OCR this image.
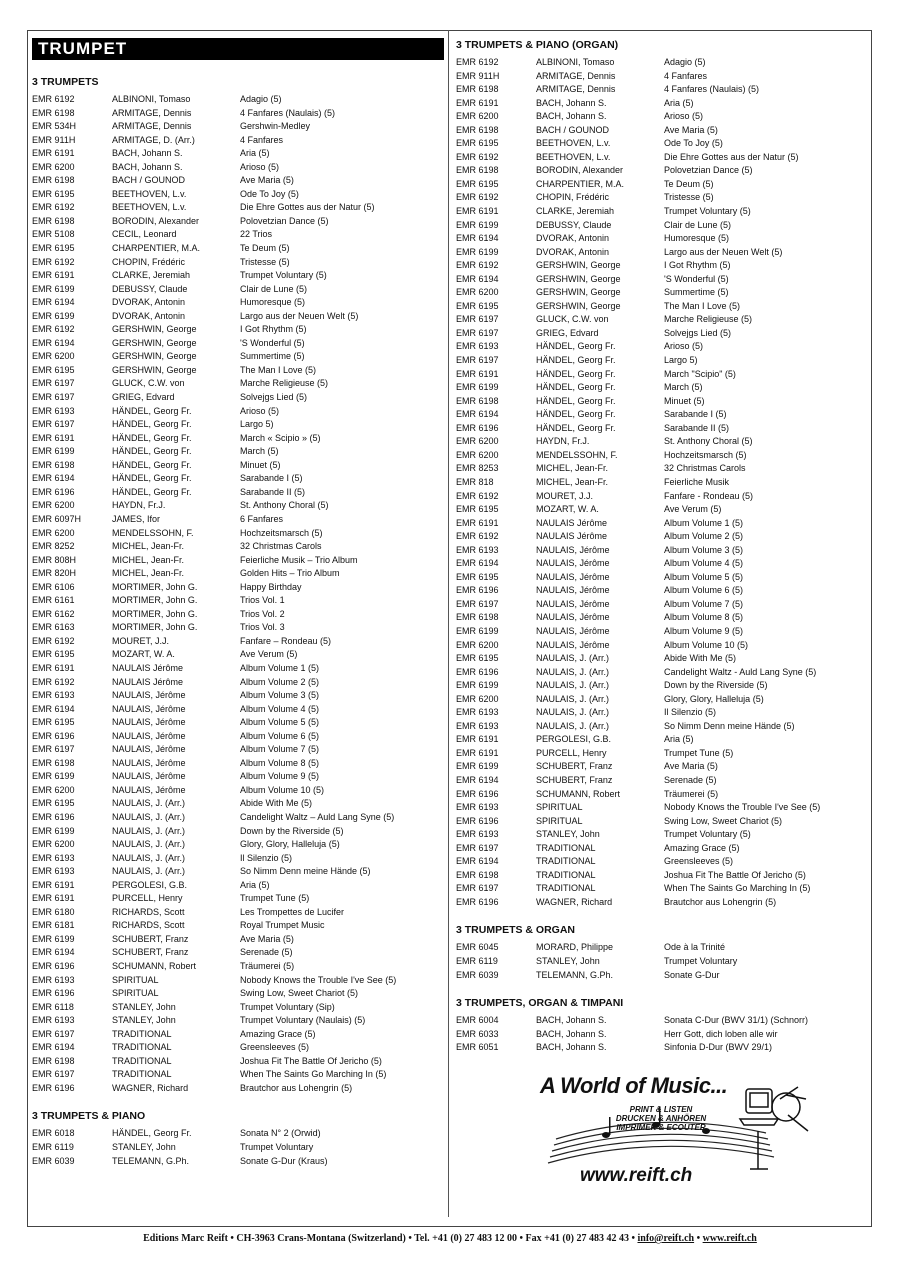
TRUMPET
3 TRUMPETS
EMR 6192	ALBINONI, Tomaso	Adagio (5)
EMR 6198	ARMITAGE, Dennis	4 Fanfares (Naulais) (5)
EMR 534H	ARMITAGE, Dennis	Gershwin-Medley
EMR 911H	ARMITAGE, D. (Arr.)	4 Fanfares
EMR 6191	BACH, Johann S.	Aria (5)
EMR 6200	BACH, Johann S.	Arioso (5)
EMR 6198	BACH / GOUNOD	Ave Maria (5)
EMR 6195	BEETHOVEN, L.v.	Ode To Joy (5)
EMR 6192	BEETHOVEN, L.v.	Die Ehre Gottes aus der Natur (5)
EMR 6198	BORODIN, Alexander	Polovetzian Dance (5)
EMR 5108	CECIL, Leonard	22 Trios
EMR 6195	CHARPENTIER, M.A.	Te Deum (5)
EMR 6192	CHOPIN, Frédéric	Tristesse (5)
EMR 6191	CLARKE, Jeremiah	Trumpet Voluntary (5)
EMR 6199	DEBUSSY, Claude	Clair de Lune (5)
EMR 6194	DVORAK, Antonin	Humoresque (5)
EMR 6199	DVORAK, Antonin	Largo aus der Neuen Welt (5)
EMR 6192	GERSHWIN, George	I Got Rhythm (5)
EMR 6194	GERSHWIN, George	'S Wonderful (5)
EMR 6200	GERSHWIN, George	Summertime (5)
EMR 6195	GERSHWIN, George	The Man I Love (5)
EMR 6197	GLUCK, C.W. von	Marche Religieuse (5)
EMR 6197	GRIEG, Edvard	Solvejgs Lied (5)
EMR 6193	HÄNDEL, Georg Fr.	Arioso (5)
EMR 6197	HÄNDEL, Georg Fr.	Largo 5)
EMR 6191	HÄNDEL, Georg Fr.	March « Scipio » (5)
EMR 6199	HÄNDEL, Georg Fr.	March (5)
EMR 6198	HÄNDEL, Georg Fr.	Minuet (5)
EMR 6194	HÄNDEL, Georg Fr.	Sarabande I (5)
EMR 6196	HÄNDEL, Georg Fr.	Sarabande II (5)
EMR 6200	HAYDN, Fr.J.	St. Anthony Choral (5)
EMR 6097H	JAMES, Ifor	6 Fanfares
EMR 6200	MENDELSSOHN, F.	Hochzeitsmarsch (5)
EMR 8252	MICHEL, Jean-Fr.	32 Christmas Carols
EMR 808H	MICHEL, Jean-Fr.	Feierliche Musik – Trio Album
EMR 820H	MICHEL, Jean-Fr.	Golden Hits – Trio Album
EMR 6106	MORTIMER, John G.	Happy Birthday
EMR 6161	MORTIMER, John G.	Trios Vol. 1
EMR 6162	MORTIMER, John G.	Trios Vol. 2
EMR 6163	MORTIMER, John G.	Trios Vol. 3
EMR 6192	MOURET, J.J.	Fanfare – Rondeau (5)
EMR 6195	MOZART, W. A.	Ave Verum (5)
EMR 6191	NAULAIS Jérôme	Album Volume 1 (5)
EMR 6192	NAULAIS Jérôme	Album Volume 2 (5)
EMR 6193	NAULAIS, Jérôme	Album Volume 3 (5)
EMR 6194	NAULAIS, Jérôme	Album Volume 4 (5)
EMR 6195	NAULAIS, Jérôme	Album Volume 5 (5)
EMR 6196	NAULAIS, Jérôme	Album Volume 6 (5)
EMR 6197	NAULAIS, Jérôme	Album Volume 7 (5)
EMR 6198	NAULAIS, Jérôme	Album Volume 8 (5)
EMR 6199	NAULAIS, Jérôme	Album Volume 9 (5)
EMR 6200	NAULAIS, Jérôme	Album Volume 10 (5)
EMR 6195	NAULAIS, J. (Arr.)	Abide With Me (5)
EMR 6196	NAULAIS, J. (Arr.)	Candelight Waltz – Auld Lang Syne (5)
EMR 6199	NAULAIS, J. (Arr.)	Down by the Riverside (5)
EMR 6200	NAULAIS, J. (Arr.)	Glory, Glory, Halleluja (5)
EMR 6193	NAULAIS, J. (Arr.)	Il Silenzio (5)
EMR 6193	NAULAIS, J. (Arr.)	So Nimm Denn meine Hände (5)
EMR 6191	PERGOLESI, G.B.	Aria (5)
EMR 6191	PURCELL, Henry	Trumpet Tune (5)
EMR 6180	RICHARDS, Scott	Les Trompettes de Lucifer
EMR 6181	RICHARDS, Scott	Royal Trumpet Music
EMR 6199	SCHUBERT, Franz	Ave Maria (5)
EMR 6194	SCHUBERT, Franz	Serenade (5)
EMR 6196	SCHUMANN, Robert	Träumerei (5)
EMR 6193	SPIRITUAL	Nobody Knows the Trouble I've See (5)
EMR 6196	SPIRITUAL	Swing Low, Sweet Chariot (5)
EMR 6118	STANLEY, John	Trumpet Voluntary (Sip)
EMR 6193	STANLEY, John	Trumpet Voluntary (Naulais) (5)
EMR 6197	TRADITIONAL	Amazing Grace (5)
EMR 6194	TRADITIONAL	Greensleeves (5)
EMR 6198	TRADITIONAL	Joshua Fit The Battle Of Jericho (5)
EMR 6197	TRADITIONAL	When The Saints Go Marching In (5)
EMR 6196	WAGNER, Richard	Brautchor aus Lohengrin (5)
3 TRUMPETS & PIANO
EMR 6018	HÄNDEL, Georg Fr.	Sonata N° 2 (Orwid)
EMR 6119	STANLEY, John	Trumpet Voluntary
EMR 6039	TELEMANN, G.Ph.	Sonate G-Dur (Kraus)
3 TRUMPETS & PIANO (ORGAN)
EMR 6192	ALBINONI, Tomaso	Adagio (5)
EMR 911H	ARMITAGE, Dennis	4 Fanfares
EMR 6198	ARMITAGE, Dennis	4 Fanfares (Naulais) (5)
EMR 6191	BACH, Johann S.	Aria (5)
EMR 6200	BACH, Johann S.	Arioso (5)
EMR 6198	BACH / GOUNOD	Ave Maria (5)
EMR 6195	BEETHOVEN, L.v.	Ode To Joy (5)
EMR 6192	BEETHOVEN, L.v.	Die Ehre Gottes aus der Natur (5)
EMR 6198	BORODIN, Alexander	Polovetzian Dance (5)
EMR 6195	CHARPENTIER, M.A.	Te Deum (5)
EMR 6192	CHOPIN, Frédéric	Tristesse (5)
EMR 6191	CLARKE, Jeremiah	Trumpet Voluntary (5)
EMR 6199	DEBUSSY, Claude	Clair de Lune (5)
EMR 6194	DVORAK, Antonin	Humoresque (5)
EMR 6199	DVORAK, Antonin	Largo aus der Neuen Welt (5)
EMR 6192	GERSHWIN, George	I Got Rhythm (5)
EMR 6194	GERSHWIN, George	'S Wonderful (5)
EMR 6200	GERSHWIN, George	Summertime (5)
EMR 6195	GERSHWIN, George	The Man I Love (5)
EMR 6197	GLUCK, C.W. von	Marche Religieuse (5)
EMR 6197	GRIEG, Edvard	Solvejgs Lied (5)
EMR 6193	HÄNDEL, Georg Fr.	Arioso (5)
EMR 6197	HÄNDEL, Georg Fr.	Largo 5)
EMR 6191	HÄNDEL, Georg Fr.	March "Scipio" (5)
EMR 6199	HÄNDEL, Georg Fr.	March (5)
EMR 6198	HÄNDEL, Georg Fr.	Minuet (5)
EMR 6194	HÄNDEL, Georg Fr.	Sarabande I (5)
EMR 6196	HÄNDEL, Georg Fr.	Sarabande II (5)
EMR 6200	HAYDN, Fr.J.	St. Anthony Choral (5)
EMR 6200	MENDELSSOHN, F.	Hochzeitsmarsch (5)
EMR 8253	MICHEL, Jean-Fr.	32 Christmas Carols
EMR 818	MICHEL, Jean-Fr.	Feierliche Musik
EMR 6192	MOURET, J.J.	Fanfare - Rondeau (5)
EMR 6195	MOZART, W. A.	Ave Verum (5)
EMR 6191	NAULAIS Jérôme	Album Volume 1 (5)
EMR 6192	NAULAIS Jérôme	Album Volume 2 (5)
EMR 6193	NAULAIS, Jérôme	Album Volume 3 (5)
EMR 6194	NAULAIS, Jérôme	Album Volume 4 (5)
EMR 6195	NAULAIS, Jérôme	Album Volume 5 (5)
EMR 6196	NAULAIS, Jérôme	Album Volume 6 (5)
EMR 6197	NAULAIS, Jérôme	Album Volume 7 (5)
EMR 6198	NAULAIS, Jérôme	Album Volume 8 (5)
EMR 6199	NAULAIS, Jérôme	Album Volume 9 (5)
EMR 6200	NAULAIS, Jérôme	Album Volume 10 (5)
EMR 6195	NAULAIS, J. (Arr.)	Abide With Me (5)
EMR 6196	NAULAIS, J. (Arr.)	Candelight Waltz - Auld Lang Syne (5)
EMR 6199	NAULAIS, J. (Arr.)	Down by the Riverside (5)
EMR 6200	NAULAIS, J. (Arr.)	Glory, Glory, Halleluja (5)
EMR 6193	NAULAIS, J. (Arr.)	Il Silenzio (5)
EMR 6193	NAULAIS, J. (Arr.)	So Nimm Denn meine Hände (5)
EMR 6191	PERGOLESI, G.B.	Aria (5)
EMR 6191	PURCELL, Henry	Trumpet Tune (5)
EMR 6199	SCHUBERT, Franz	Ave Maria (5)
EMR 6194	SCHUBERT, Franz	Serenade (5)
EMR 6196	SCHUMANN, Robert	Träumerei (5)
EMR 6193	SPIRITUAL	Nobody Knows the Trouble I've See (5)
EMR 6196	SPIRITUAL	Swing Low, Sweet Chariot (5)
EMR 6193	STANLEY, John	Trumpet Voluntary (5)
EMR 6197	TRADITIONAL	Amazing Grace (5)
EMR 6194	TRADITIONAL	Greensleeves (5)
EMR 6198	TRADITIONAL	Joshua Fit The Battle Of Jericho (5)
EMR 6197	TRADITIONAL	When The Saints Go Marching In (5)
EMR 6196	WAGNER, Richard	Brautchor aus Lohengrin (5)
3 TRUMPETS & ORGAN
EMR 6045	MORARD, Philippe	Ode à la Trinité
EMR 6119	STANLEY, John	Trumpet Voluntary
EMR 6039	TELEMANN, G.Ph.	Sonate G-Dur
3 TRUMPETS, ORGAN & TIMPANI
EMR 6004	BACH, Johann S.	Sonata C-Dur (BWV 31/1) (Schnorr)
EMR 6033	BACH, Johann S.	Herr Gott, dich loben alle wir
EMR 6051	BACH, Johann S.	Sinfonia D-Dur (BWV 29/1)
A World of Music...
PRINT & LISTEN
DRUCKEN & ANHÖREN
IMPRIMER & ECOUTER
www.reift.ch
Editions Marc Reift • CH-3963 Crans-Montana (Switzerland) • Tel. +41 (0) 27 483 12 00 • Fax +41 (0) 27 483 42 43 • info@reift.ch • www.reift.ch
